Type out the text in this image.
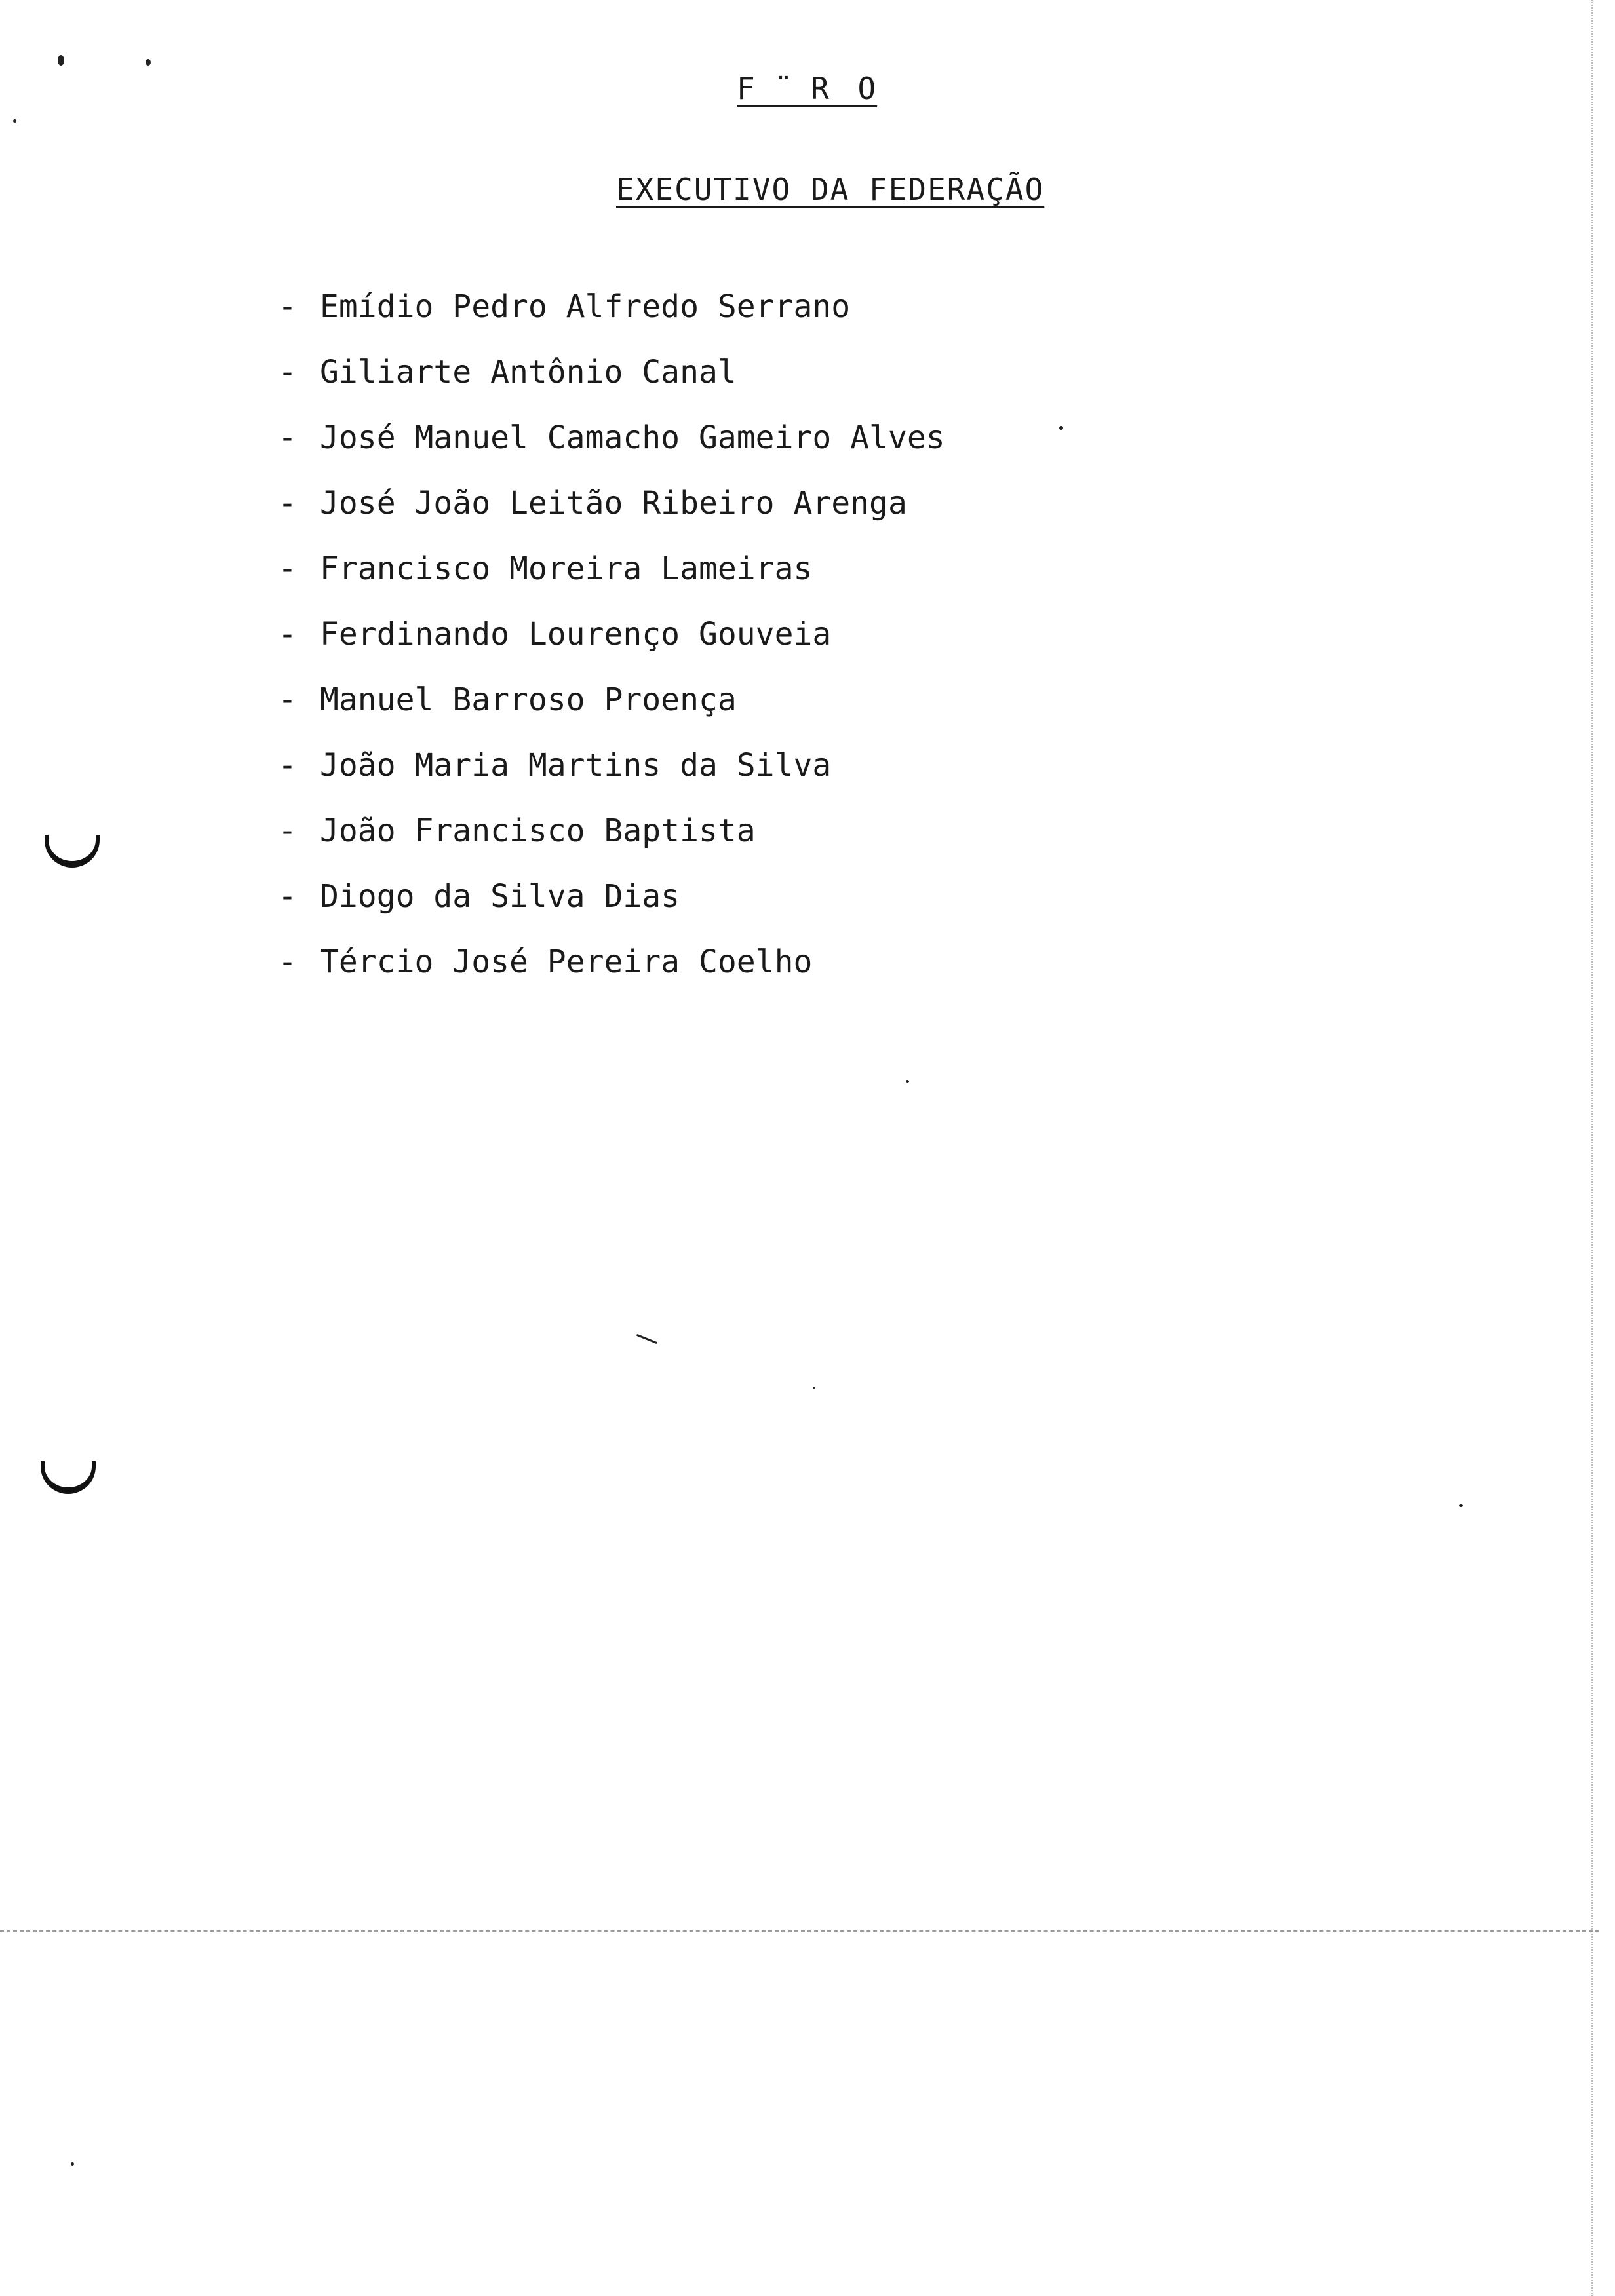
F ̈ R O
EXECUTIVO DA FEDERAÇÃO
- Emídio Pedro Alfredo Serrano
- Giliarte Antônio Canal
- José Manuel Camacho Gameiro Alves
- José João Leitão Ribeiro Arenga
- Francisco Moreira Lameiras
- Ferdinando Lourenço Gouveia
- Manuel Barroso Proença
- João Maria Martins da Silva
- João Francisco Baptista
- Diogo da Silva Dias
- Tércio José Pereira Coelho
